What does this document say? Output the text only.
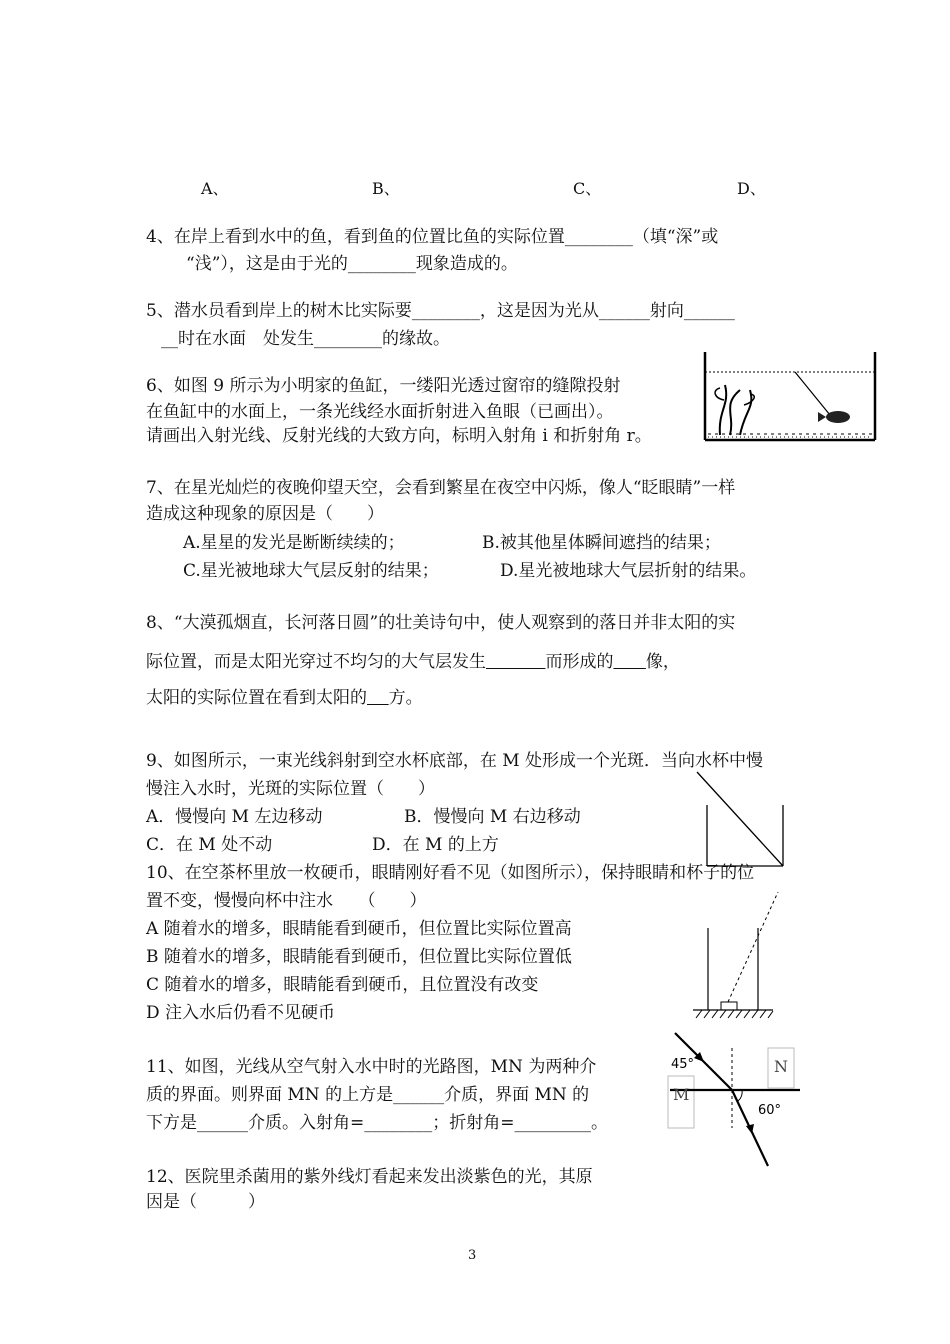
A、	B、	C、	D、
4、在岸上看到水中的鱼，看到鱼的位置比鱼的实际位置________（填“深”或
“浅”），这是由于光的________现象造成的。
5、潜水员看到岸上的树木比实际要________，这是因为光从______射向______
__时在水面　处发生________的缘故。
6、如图 9 所示为小明家的鱼缸，一缕阳光透过窗帘的缝隙投射
在鱼缸中的水面上，一条光线经水面折射进入鱼眼（已画出）。
请画出入射光线、反射光线的大致方向，标明入射角 i 和折射角 r。
7、在星光灿烂的夜晚仰望天空，会看到繁星在夜空中闪烁，像人“眨眼睛”一样
造成这种现象的原因是（　　）
A.星星的发光是断断续续的；	B.被其他星体瞬间遮挡的结果；
C.星光被地球大气层反射的结果；	D.星光被地球大气层折射的结果。
8、“大漠孤烟直，长河落日圆”的壮美诗句中，使人观察到的落日并非太阳的实
际位置，而是太阳光穿过不均匀的大气层发生	而形成的 像，
太阳的实际位置在看到太阳的 方。
9、如图所示，一束光线斜射到空水杯底部，在 M 处形成一个光斑．当向水杯中慢
慢注入水时，光斑的实际位置（　　）
A．慢慢向 M 左边移动	B．慢慢向 M 右边移动
C．在 M 处不动	D．在 M 的上方
10、在空茶杯里放一枚硬币，眼睛刚好看不见（如图所示），保持眼睛和杯子的位
置不变，慢慢向杯中注水　　（　　）
A 随着水的增多，眼睛能看到硬币，但位置比实际位置高
B 随着水的增多，眼睛能看到硬币，但位置比实际位置低
C 随着水的增多，眼睛能看到硬币，且位置没有改变
D 注入水后仍看不见硬币
11、如图，光线从空气射入水中时的光路图，MN 为两种介
质的界面。则界面 MN 的上方是______介质，界面 MN 的
下方是______介质。入射角=________；折射角=_________。
45°
60°
M
N
12、医院里杀菌用的紫外线灯看起来发出淡紫色的光，其原
因是（　　　）
3
